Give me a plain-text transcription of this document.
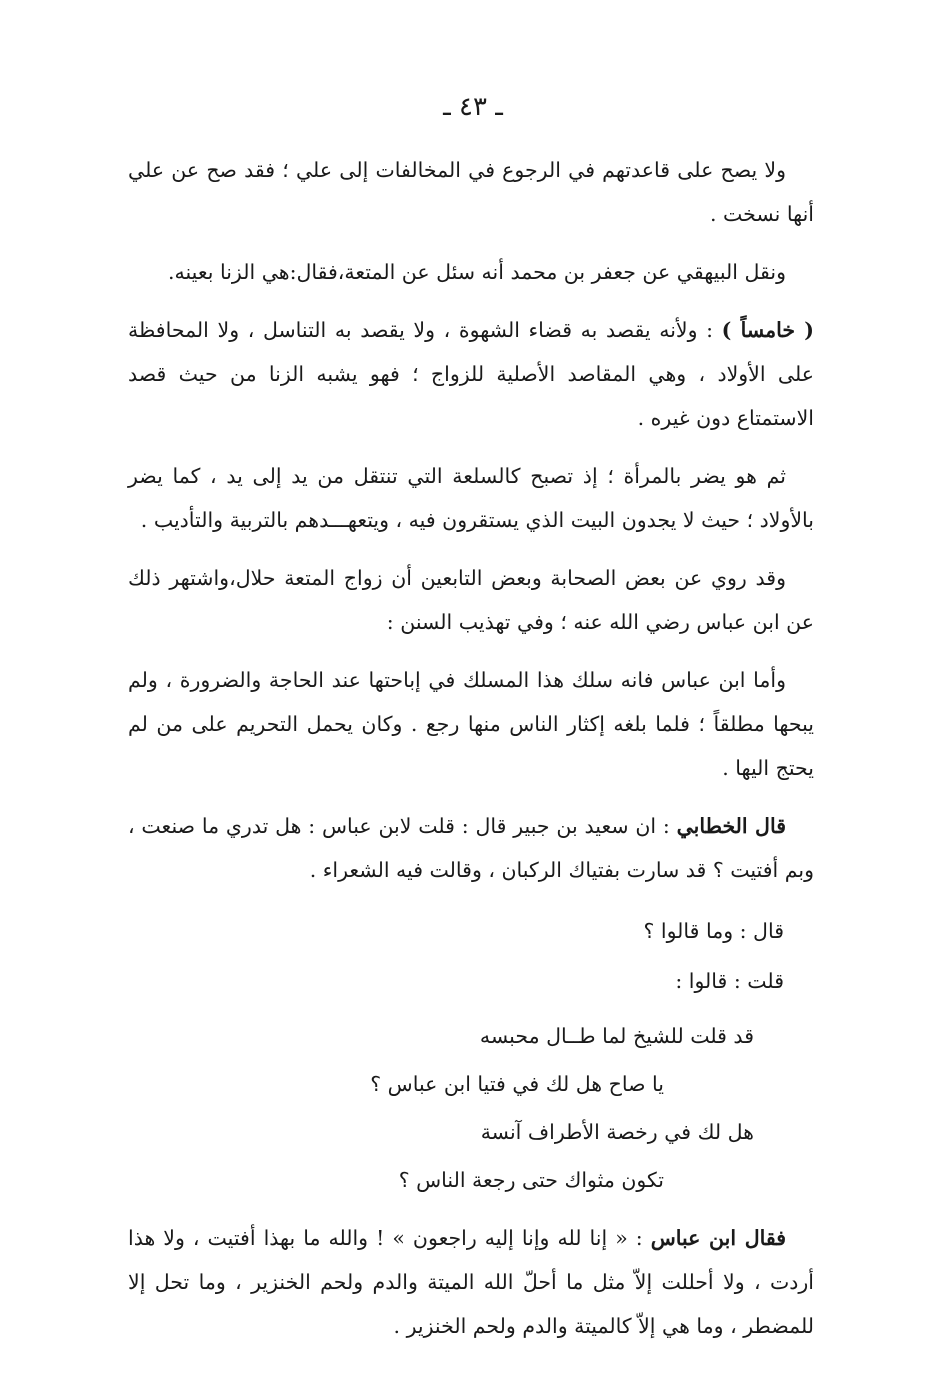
ـ ٤٣ ـ

ولا يصح على قاعدتهم في الرجوع في المخالفات إلى علي ؛ فقد صح عن علي أنها نسخت .

ونقل البيهقي عن جعفر بن محمد أنه سئل عن المتعة،فقال:هي الزنا بعينه.

( خامساً ) : ولأنه يقصد به قضاء الشهوة ، ولا يقصد به التناسل ، ولا المحافظة على الأولاد ، وهي المقاصد الأصلية للزواج ؛ فهو يشبه الزنا من حيث قصد الاستمتاع دون غيره .

ثم هو يضر بالمرأة ؛ إذ تصبح كالسلعة التي تنتقل من يد إلى يد ، كما يضر بالأولاد ؛ حيث لا يجدون البيت الذي يستقرون فيه ، ويتعهـــدهم بالتربية والتأديب .

وقد روي عن بعض الصحابة وبعض التابعين أن زواج المتعة حلال،واشتهر ذلك عن ابن عباس رضي الله عنه ؛ وفي تهذيب السنن :

وأما ابن عباس فانه سلك هذا المسلك في إباحتها عند الحاجة والضرورة ، ولم يبحها مطلقاً ؛ فلما بلغه إكثار الناس منها رجع . وكان يحمل التحريم على من لم يحتج اليها .

قال الخطابي : ان سعيد بن جبير قال : قلت لابن عباس : هل تدري ما صنعت ، وبم أفتيت ؟ قد سارت بفتياك الركبان ، وقالت فيه الشعراء .

قال : وما قالوا ؟

قلت : قالوا :

قد قلت للشيخ لما طــال محبسه

يا صاح هل لك في فتيا ابن عباس ؟

هل لك في رخصة الأطراف آنسة

تكون مثواك حتى رجعة الناس ؟

فقال ابن عباس : « إنا لله وإنا إليه راجعون » ! والله ما بهذا أفتيت ، ولا هذا أردت ، ولا أحللت إلاّ مثل ما أحلّ الله الميتة والدم ولحم الخنزير ، وما تحل إلا للمضطر ، وما هي إلاّ كالميتة والدم ولحم الخنزير .
